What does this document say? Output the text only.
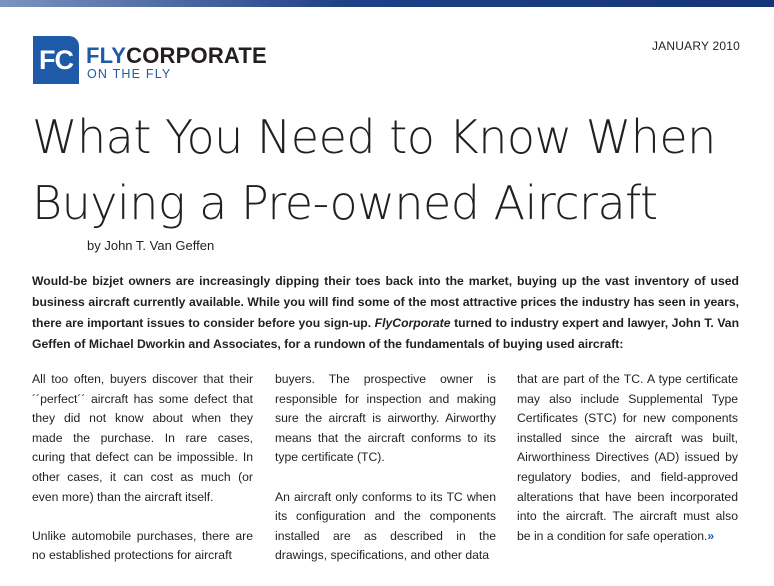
FC FLYCORPORATE
ON THE FLY
JANUARY 2010
What You Need to Know When
Buying a Pre-owned Aircraft
by John T. Van Geffen

Would-be bizjet owners are increasingly dipping their toes back into the market, buying up the vast inventory of used business aircraft currently available. While you will find some of the most attractive prices the industry has seen in years, there are important issues to consider before you sign-up. FlyCorporate turned to industry expert and lawyer, John T. Van Geffen of Michael Dworkin and Associates, for a rundown of the fundamentals of buying used aircraft:

All too often, buyers discover that their ´´perfect´´ aircraft has some defect that they did not know about when they made the purchase. In rare cases, curing that defect can be impossible. In other cases, it can cost as much (or even more) than the aircraft itself.

Unlike automobile purchases, there are no established protections for aircraft

buyers. The prospective owner is responsible for inspection and making sure the aircraft is airworthy. Airworthy means that the aircraft conforms to its type certificate (TC).

An aircraft only conforms to its TC when its configuration and the components installed are as described in the drawings, specifications, and other data

that are part of the TC. A type certificate may also include Supplemental Type Certificates (STC) for new components installed since the aircraft was built, Airworthiness Directives (AD) issued by regulatory bodies, and field-approved alterations that have been incorporated into the aircraft. The aircraft must also be in a condition for safe operation.»
